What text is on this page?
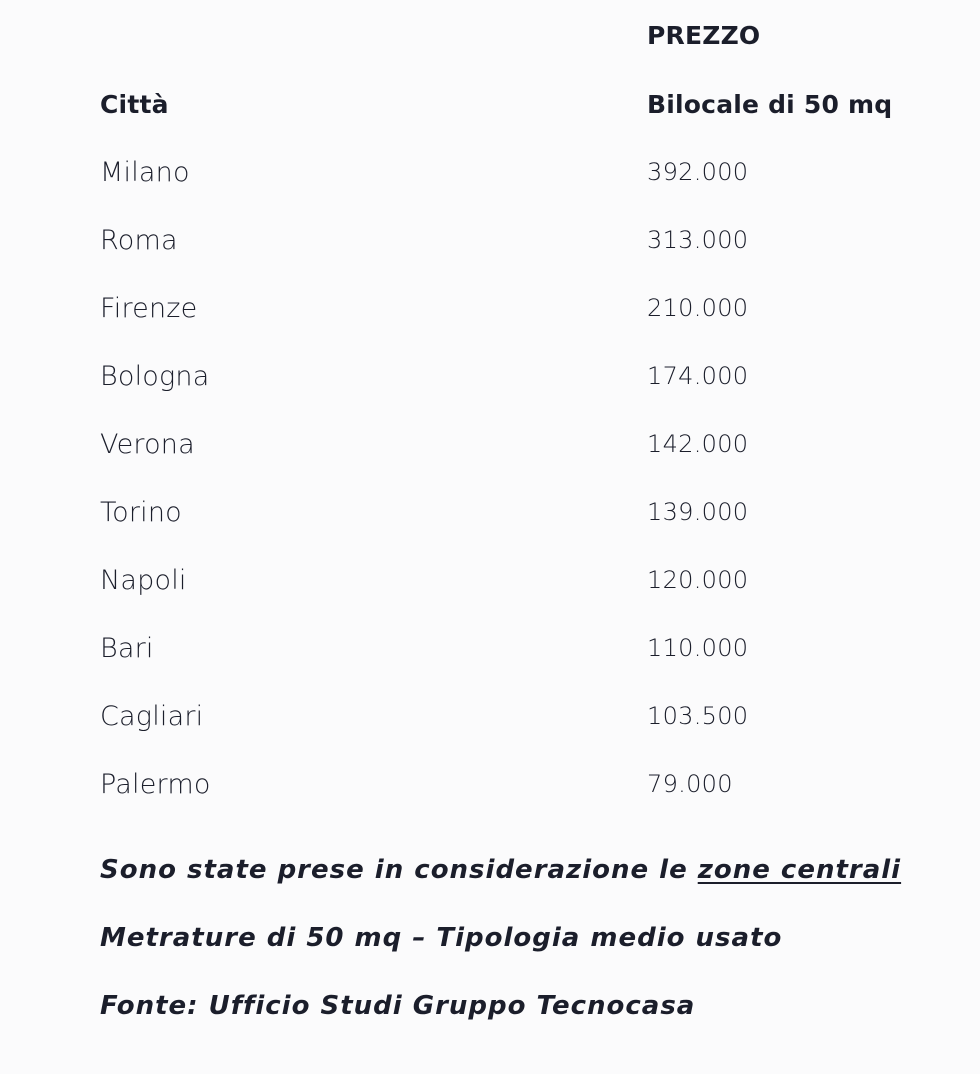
PREZZO
Città	Bilocale di 50 mq
Milano	392.000
Roma	313.000
Firenze	210.000
Bologna	174.000
Verona	142.000
Torino	139.000
Napoli	120.000
Bari	110.000
Cagliari	103.500
Palermo	79.000
Sono state prese in considerazione le zone centrali
Metrature di 50 mq – Tipologia medio usato
Fonte: Ufficio Studi Gruppo Tecnocasa
